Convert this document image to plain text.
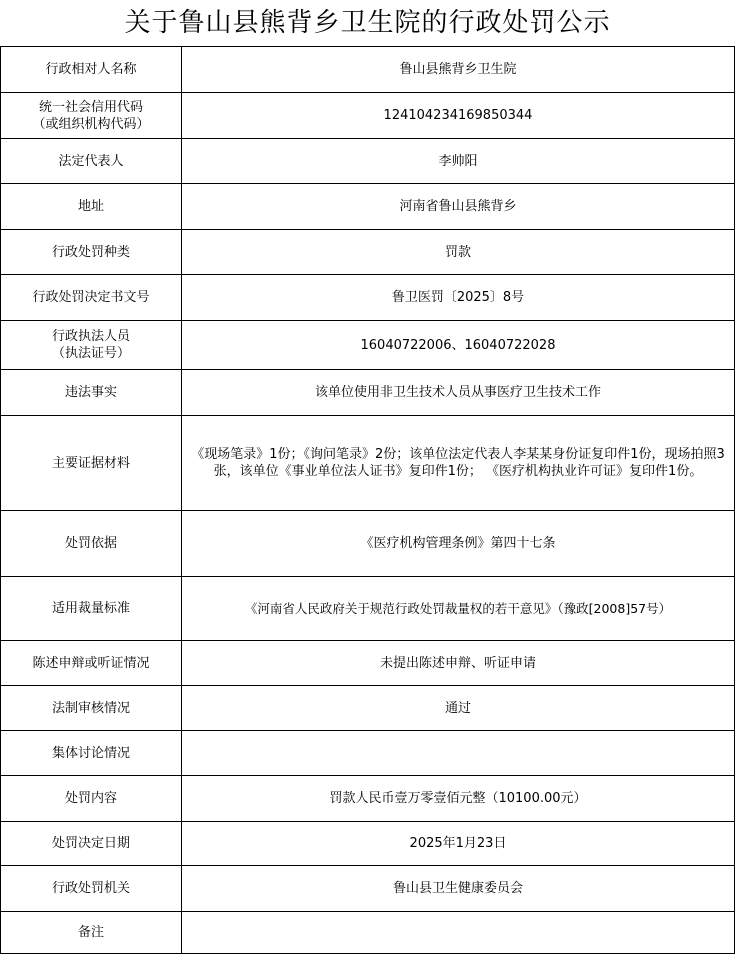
关于鲁山县熊背乡卫生院的行政处罚公示
行政相对人名称	鲁山县熊背乡卫生院
统一社会信用代码
（或组织机构代码）	124104234169850344
法定代表人	李帅阳
地址	河南省鲁山县熊背乡
行政处罚种类	罚款
行政处罚决定书文号	鲁卫医罚〔2025〕8号
行政执法人员
（执法证号）	16040722006、16040722028
违法事实	该单位使用非卫生技术人员从事医疗卫生技术工作
主要证据材料	《现场笔录》1份；《询问笔录》2份；该单位法定代表人李某某身份证复印件1份，现场拍照3张，该单位《事业单位法人证书》复印件1份； 《医疗机构执业许可证》复印件1份。
处罚依据	《医疗机构管理条例》第四十七条
适用裁量标准	《河南省人民政府关于规范行政处罚裁量权的若干意见》（豫政[2008]57号）
陈述申辩或听证情况	未提出陈述申辩、听证申请
法制审核情况	通过
集体讨论情况	
处罚内容	罚款人民币壹万零壹佰元整（10100.00元）
处罚决定日期	2025年1月23日
行政处罚机关	鲁山县卫生健康委员会
备注	
